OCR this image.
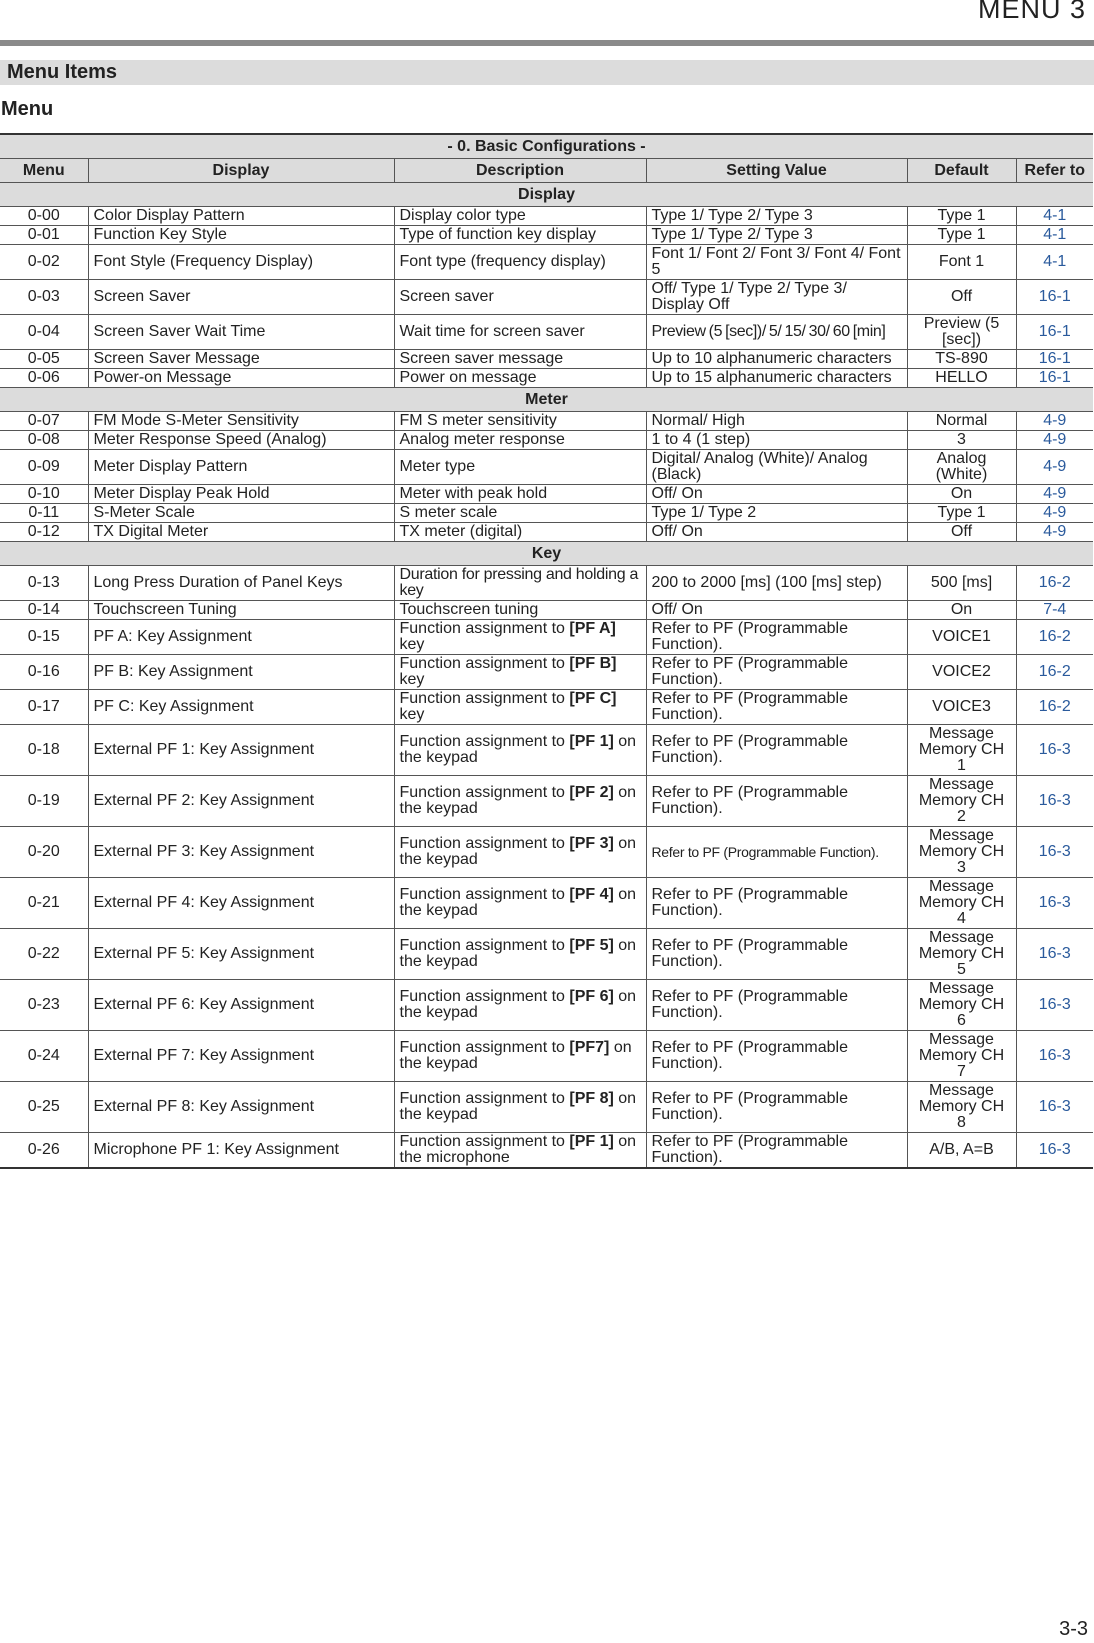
MENU 3
Menu Items
Menu
- 0. Basic Configurations -					
Menu	Display	Description	Setting Value	Default	Refer to
Display					
0-00	Color Display Pattern	Display color type	Type 1/ Type 2/ Type 3	Type 1	4-1
0-01	Function Key Style	Type of function key display	Type 1/ Type 2/ Type 3	Type 1	4-1
0-02	Font Style (Frequency Display)	Font type (frequency display)	Font 1/ Font 2/ Font 3/ Font 4/ Font 5	Font 1	4-1
0-03	Screen Saver	Screen saver	Off/ Type 1/ Type 2/ Type 3/ Display Off	Off	16-1
0-04	Screen Saver Wait Time	Wait time for screen saver	Preview (5 [sec])/ 5/ 15/ 30/ 60 [min]	Preview (5 [sec])	16-1
0-05	Screen Saver Message	Screen saver message	Up to 10 alphanumeric characters	TS-890	16-1
0-06	Power-on Message	Power on message	Up to 15 alphanumeric characters	HELLO	16-1
Meter					
0-07	FM Mode S-Meter Sensitivity	FM S meter sensitivity	Normal/ High	Normal	4-9
0-08	Meter Response Speed (Analog)	Analog meter response	1 to 4 (1 step)	3	4-9
0-09	Meter Display Pattern	Meter type	Digital/ Analog (White)/ Analog (Black)	Analog (White)	4-9
0-10	Meter Display Peak Hold	Meter with peak hold	Off/ On	On	4-9
0-11	S-Meter Scale	S meter scale	Type 1/ Type 2	Type 1	4-9
0-12	TX Digital Meter	TX meter (digital)	Off/ On	Off	4-9
Key					
0-13	Long Press Duration of Panel Keys	Duration for pressing and holding a key	200 to 2000 [ms] (100 [ms] step)	500 [ms]	16-2
0-14	Touchscreen Tuning	Touchscreen tuning	Off/ On	On	7-4
0-15	PF A: Key Assignment	Function assignment to [PF A] key	Refer to PF (Programmable Function).	VOICE1	16-2
0-16	PF B: Key Assignment	Function assignment to [PF B] key	Refer to PF (Programmable Function).	VOICE2	16-2
0-17	PF C: Key Assignment	Function assignment to [PF C] key	Refer to PF (Programmable Function).	VOICE3	16-2
0-18	External PF 1: Key Assignment	Function assignment to [PF 1] on the keypad	Refer to PF (Programmable Function).	Message Memory CH 1	16-3
0-19	External PF 2: Key Assignment	Function assignment to [PF 2] on the keypad	Refer to PF (Programmable Function).	Message Memory CH 2	16-3
0-20	External PF 3: Key Assignment	Function assignment to [PF 3] on the keypad	Refer to PF (Programmable Function).	Message Memory CH 3	16-3
0-21	External PF 4: Key Assignment	Function assignment to [PF 4] on the keypad	Refer to PF (Programmable Function).	Message Memory CH 4	16-3
0-22	External PF 5: Key Assignment	Function assignment to [PF 5] on the keypad	Refer to PF (Programmable Function).	Message Memory CH 5	16-3
0-23	External PF 6: Key Assignment	Function assignment to [PF 6] on the keypad	Refer to PF (Programmable Function).	Message Memory CH 6	16-3
0-24	External PF 7: Key Assignment	Function assignment to [PF7] on the keypad	Refer to PF (Programmable Function).	Message Memory CH 7	16-3
0-25	External PF 8: Key Assignment	Function assignment to [PF 8] on the keypad	Refer to PF (Programmable Function).	Message Memory CH 8	16-3
0-26	Microphone PF 1: Key Assignment	Function assignment to [PF 1] on the microphone	Refer to PF (Programmable Function).	A/B, A=B	16-3
3-3
